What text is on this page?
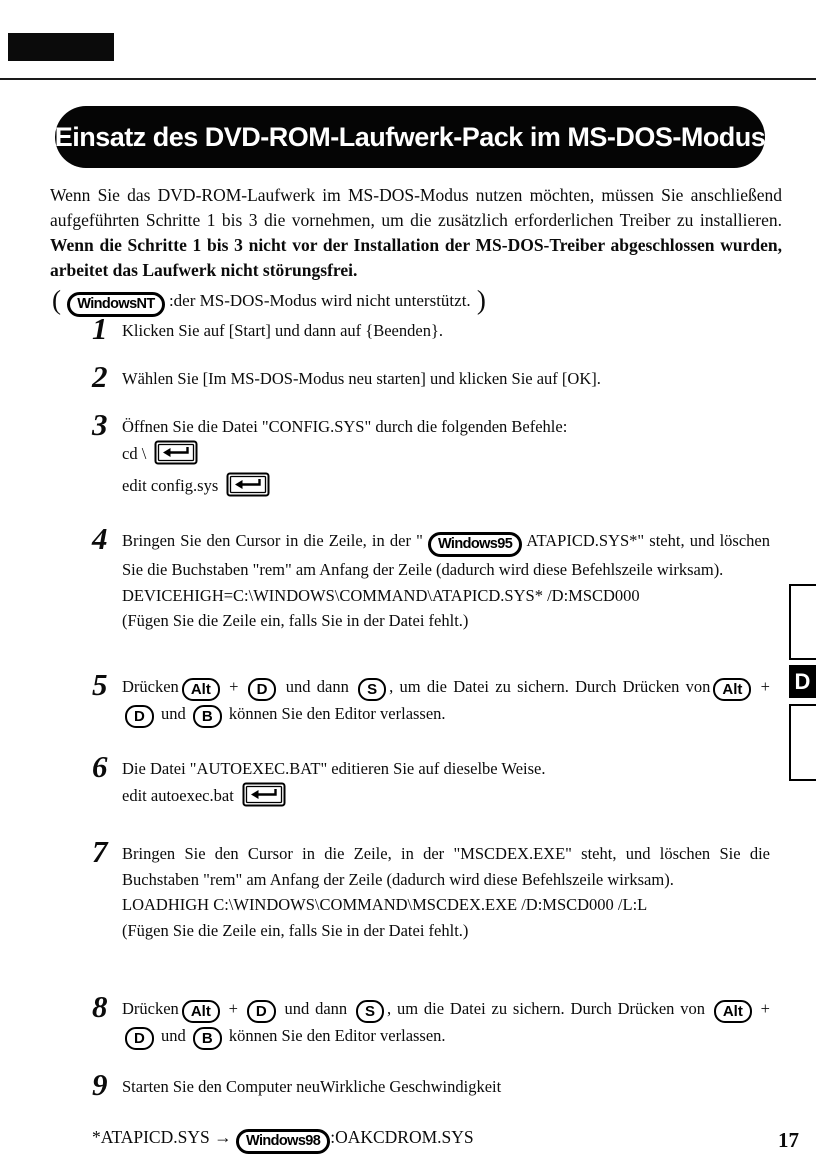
Einsatz des DVD-ROM-Laufwerk-Pack im MS-DOS-Modus
Wenn Sie das DVD-ROM-Laufwerk im MS-DOS-Modus nutzen möchten, müssen Sie anschließend aufgeführten Schritte 1 bis 3 die vornehmen, um die zusätzlich erforderlichen Treiber zu installieren. Wenn die Schritte 1 bis 3 nicht vor der Installation der MS-DOS-Treiber abgeschlossen wurden, arbeitet das Laufwerk nicht störungsfrei.
( WindowsNT :der MS-DOS-Modus wird nicht unterstützt. )
1 Klicken Sie auf [Start] und dann auf {Beenden}.
2 Wählen Sie [Im MS-DOS-Modus neu starten] und klicken Sie auf [OK].
3 Öffnen Sie die Datei "CONFIG.SYS" durch die folgenden Befehle:
cd \
edit config.sys
4 Bringen Sie den Cursor in die Zeile, in der " Windows95 ATAPICD.SYS*" steht, und löschen Sie die Buchstaben "rem" am Anfang der Zeile (dadurch wird diese Befehlszeile wirksam).
DEVICEHIGH=C:\WINDOWS\COMMAND\ATAPICD.SYS* /D:MSCD000
(Fügen Sie die Zeile ein, falls Sie in der Datei fehlt.)
5 Drücken Alt + D und dann S , um die Datei zu sichern. Durch Drücken von Alt + D und B können Sie den Editor verlassen.
6 Die Datei "AUTOEXEC.BAT" editieren Sie auf dieselbe Weise.
edit autoexec.bat
7 Bringen Sie den Cursor in die Zeile, in der "MSCDEX.EXE" steht, und löschen Sie die Buchstaben "rem" am Anfang der Zeile (dadurch wird diese Befehlszeile wirksam).
LOADHIGH C:\WINDOWS\COMMAND\MSCDEX.EXE /D:MSCD000 /L:L
(Fügen Sie die Zeile ein, falls Sie in der Datei fehlt.)
8 Drücken Alt + D und dann S , um die Datei zu sichern. Durch Drücken von Alt + D und B können Sie den Editor verlassen.
9 Starten Sie den Computer neuWirkliche Geschwindigkeit
*ATAPICD.SYS → Windows98 :OAKCDROM.SYS
D
17
